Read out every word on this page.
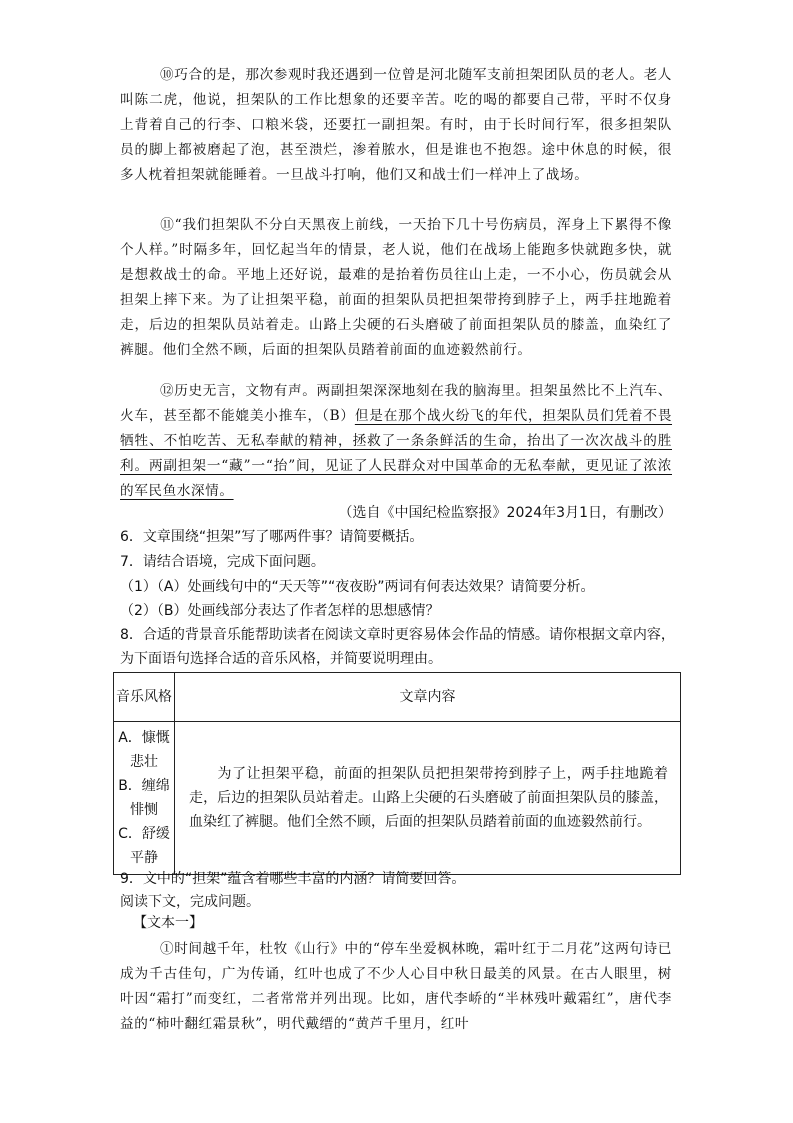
⑩巧合的是，那次参观时我还遇到一位曾是河北随军支前担架团队员的老人。老人叫陈二虎，他说，担架队的工作比想象的还要辛苦。吃的喝的都要自己带，平时不仅身上背着自己的行李、口粮米袋，还要扛一副担架。有时，由于长时间行军，很多担架队员的脚上都被磨起了泡，甚至溃烂，渗着脓水，但是谁也不抱怨。途中休息的时候，很多人枕着担架就能睡着。一旦战斗打响，他们又和战士们一样冲上了战场。

⑪“我们担架队不分白天黑夜上前线，一天抬下几十号伤病员，浑身上下累得不像个人样。”时隔多年，回忆起当年的情景，老人说，他们在战场上能跑多快就跑多快，就是想救战士的命。平地上还好说，最难的是抬着伤员往山上走，一不小心，伤员就会从担架上摔下来。为了让担架平稳，前面的担架队员把担架带挎到脖子上，两手拄地跪着走，后边的担架队员站着走。山路上尖硬的石头磨破了前面担架队员的膝盖，血染红了裤腿。他们全然不顾，后面的担架队员踏着前面的血迹毅然前行。

⑫历史无言，文物有声。两副担架深深地刻在我的脑海里。担架虽然比不上汽车、火车，甚至都不能媲美小推车，（B）但是在那个战火纷飞的年代，担架队员们凭着不畏牺牲、不怕吃苦、无私奉献的精神，拯救了一条条鲜活的生命，抬出了一次次战斗的胜利。两副担架一“藏”一“抬”间，见证了人民群众对中国革命的无私奉献，更见证了浓浓的军民鱼水深情。

（选自《中国纪检监察报》2024年3月1日，有删改）

6．文章围绕“担架”写了哪两件事？请简要概括。

7．请结合语境，完成下面问题。

（1）（A）处画线句中的“天天等”“夜夜盼”两词有何表达效果？请简要分析。

（2）（B）处画线部分表达了作者怎样的思想感情？

8．合适的背景音乐能帮助读者在阅读文章时更容易体会作品的情感。请你根据文章内容，为下面语句选择合适的音乐风格，并简要说明理由。

音乐风格	文章内容

A．慷慨悲壮
B．缠绵悱恻
C．舒缓平静	为了让担架平稳，前面的担架队员把担架带挎到脖子上，两手拄地跪着走，后边的担架队员站着走。山路上尖硬的石头磨破了前面担架队员的膝盖，血染红了裤腿。他们全然不顾，后面的担架队员踏着前面的血迹毅然前行。

9．文中的“担架”蕴含着哪些丰富的内涵？请简要回答。

阅读下文，完成问题。

【文本一】

①时间越千年，杜牧《山行》中的“停车坐爱枫林晚，霜叶红于二月花”这两句诗已成为千古佳句，广为传诵，红叶也成了不少人心目中秋日最美的风景。在古人眼里，树叶因“霜打”而变红，二者常常并列出现。比如，唐代李峤的“半林残叶戴霜红”，唐代李益的“柿叶翻红霜景秋”，明代戴缙的“黄芦千里月，红叶
